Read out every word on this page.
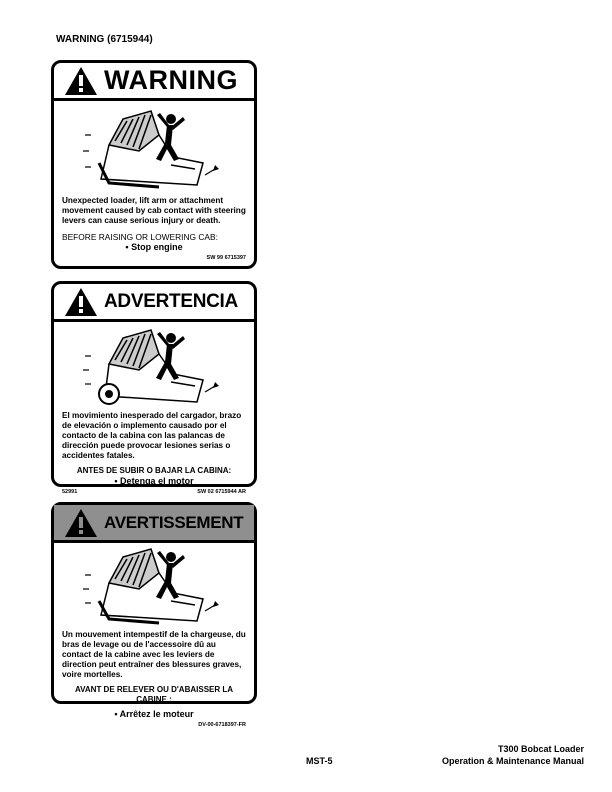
WARNING (6715944)
WARNING
Unexpected loader, lift arm or attachment movement caused by cab contact with steering levers can cause serious injury or death.
BEFORE RAISING OR LOWERING CAB:
• Stop engine
SW 99 6715397
ADVERTENCIA
El movimiento inesperado del cargador, brazo de elevación o implemento causado por el contacto de la cabina con las palancas de dirección puede provocar lesiones serias o accidentes fatales.
ANTES DE SUBIR O BAJAR LA CABINA:
• Detenga el motor
52991	SW 02 6715944 AR
AVERTISSEMENT
Un mouvement intempestif de la chargeuse, du bras de levage ou de l'accessoire dû au contact de la cabine avec les leviers de direction peut entraîner des blessures graves, voire mortelles.
AVANT DE RELEVER OU D'ABAISSER LA CABINE :
• Arrêtez le moteur
DV-00-6718397-FR
T300 Bobcat Loader
MST-5	Operation & Maintenance Manual
